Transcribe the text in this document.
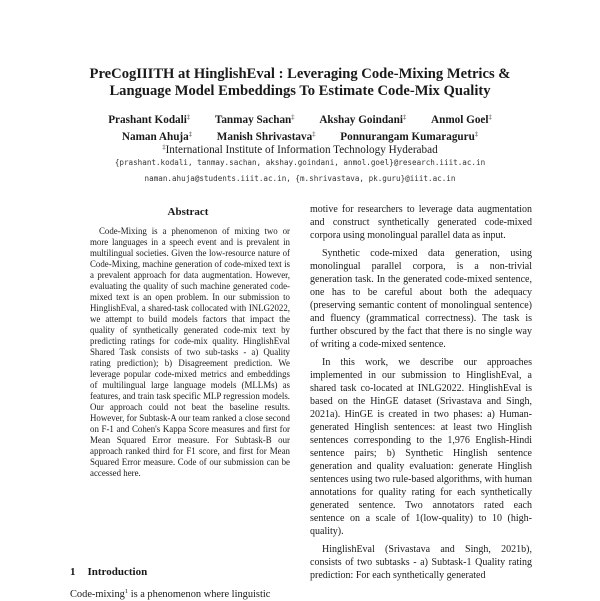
PreCogIIITH at HinglishEval : Leveraging Code-Mixing Metrics &
Language Model Embeddings To Estimate Code-Mix Quality
Prashant Kodali‡ Tanmay Sachan‡ Akshay Goindani‡ Anmol Goel‡
Naman Ahuja‡ Manish Shrivastava‡ Ponnurangam Kumaraguru‡
‡International Institute of Information Technology Hyderabad
{prashant.kodali, tanmay.sachan, akshay.goindani, anmol.goel}@research.iiit.ac.in
naman.ahuja@students.iiit.ac.in, {m.shrivastava, pk.guru}@iiit.ac.in
Abstract

Code-Mixing is a phenomenon of mixing two or more languages in a speech event and is prevalent in multilingual societies. Given the low-resource nature of Code-Mixing, machine generation of code-mixed text is a prevalent approach for data augmentation. However, evaluating the quality of such machine generated code-mixed text is an open problem. In our submission to HinglishEval, a shared-task collocated with INLG2022, we attempt to build models factors that impact the quality of synthetically generated code-mix text by predicting ratings for code-mix quality. HinglishEval Shared Task consists of two sub-tasks - a) Quality rating prediction); b) Disagreement prediction. We leverage popular code-mixed metrics and embeddings of multilingual large language models (MLLMs) as features, and train task specific MLP regression models. Our approach could not beat the baseline results. However, for Subtask-A our team ranked a close second on F-1 and Cohen's Kappa Score measures and first for Mean Squared Error measure. For Subtask-B our approach ranked third for F1 score, and first for Mean Squared Error measure. Code of our submission can be accessed here.

1 Introduction
Code-mixing$^1$ is a phenomenon where linguistic

motive for researchers to leverage data augmentation and construct synthetically generated code-mixed corpora using monolingual parallel data as input.

Synthetic code-mixed data generation, using monolingual parallel corpora, is a non-trivial generation task. In the generated code-mixed sentence, one has to be careful about both the adequacy (preserving semantic content of monolingual sentence) and fluency (grammatical correctness). The task is further obscured by the fact that there is no single way of writing a code-mixed sentence.

In this work, we describe our approaches implemented in our submission to HinglishEval, a shared task co-located at INLG2022. HinglishEval is based on the HinGE dataset (Srivastava and Singh, 2021a). HinGE is created in two phases: a) Human-generated Hinglish sentences: at least two Hinglish sentences corresponding to the 1,976 English-Hindi sentence pairs; b) Synthetic Hinglish sentence generation and quality evaluation: generate Hinglish sentences using two rule-based algorithms, with human annotations for quality rating for each synthetically generated sentence. Two annotators rated each sentence on a scale of 1(low-quality) to 10 (high-quality).

HinglishEval (Srivastava and Singh, 2021b), consists of two subtasks - a) Subtask-1 Quality rating prediction: For each synthetically generated
